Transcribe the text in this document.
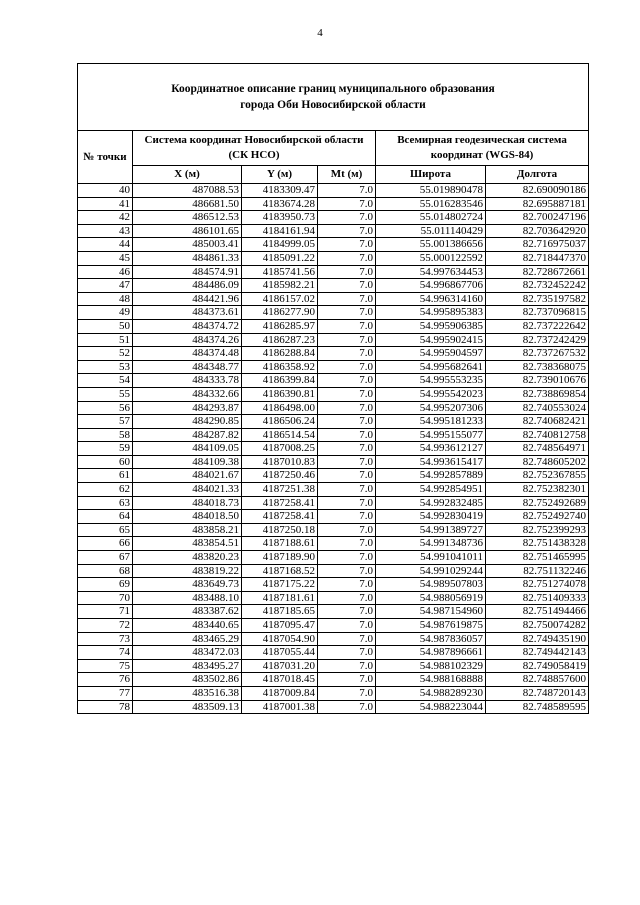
4
Координатное описание границ муниципального образования
города Оби Новосибирской области					

№ точки	Система координат Новосибирской области (СК НСО)			Всемирная геодезическая система координат (WGS-84)	
	X (м)	Y (м)	Mt (м)	Широта	Долгота
40	487088.53	4183309.47	7.0	55.019890478	82.690090186
41	486681.50	4183674.28	7.0	55.016283546	82.695887181
42	486512.53	4183950.73	7.0	55.014802724	82.700247196
43	486101.65	4184161.94	7.0	55.011140429	82.703642920
44	485003.41	4184999.05	7.0	55.001386656	82.716975037
45	484861.33	4185091.22	7.0	55.000122592	82.718447370
46	484574.91	4185741.56	7.0	54.997634453	82.728672661
47	484486.09	4185982.21	7.0	54.996867706	82.732452242
48	484421.96	4186157.02	7.0	54.996314160	82.735197582
49	484373.61	4186277.90	7.0	54.995895383	82.737096815
50	484374.72	4186285.97	7.0	54.995906385	82.737222642
51	484374.26	4186287.23	7.0	54.995902415	82.737242429
52	484374.48	4186288.84	7.0	54.995904597	82.737267532
53	484348.77	4186358.92	7.0	54.995682641	82.738368075
54	484333.78	4186399.84	7.0	54.995553235	82.739010676
55	484332.66	4186390.81	7.0	54.995542023	82.738869854
56	484293.87	4186498.00	7.0	54.995207306	82.740553024
57	484290.85	4186506.24	7.0	54.995181233	82.740682421
58	484287.82	4186514.54	7.0	54.995155077	82.740812758
59	484109.05	4187008.25	7.0	54.993612127	82.748564971
60	484109.38	4187010.83	7.0	54.993615417	82.748605202
61	484021.67	4187250.46	7.0	54.992857889	82.752367855
62	484021.33	4187251.38	7.0	54.992854951	82.752382301
63	484018.73	4187258.41	7.0	54.992832485	82.752492689
64	484018.50	4187258.41	7.0	54.992830419	82.752492740
65	483858.21	4187250.18	7.0	54.991389727	82.752399293
66	483854.51	4187188.61	7.0	54.991348736	82.751438328
67	483820.23	4187189.90	7.0	54.991041011	82.751465995
68	483819.22	4187168.52	7.0	54.991029244	82.751132246
69	483649.73	4187175.22	7.0	54.989507803	82.751274078
70	483488.10	4187181.61	7.0	54.988056919	82.751409333
71	483387.62	4187185.65	7.0	54.987154960	82.751494466
72	483440.65	4187095.47	7.0	54.987619875	82.750074282
73	483465.29	4187054.90	7.0	54.987836057	82.749435190
74	483472.03	4187055.44	7.0	54.987896661	82.749442143
75	483495.27	4187031.20	7.0	54.988102329	82.749058419
76	483502.86	4187018.45	7.0	54.988168888	82.748857600
77	483516.38	4187009.84	7.0	54.988289230	82.748720143
78	483509.13	4187001.38	7.0	54.988223044	82.748589595
